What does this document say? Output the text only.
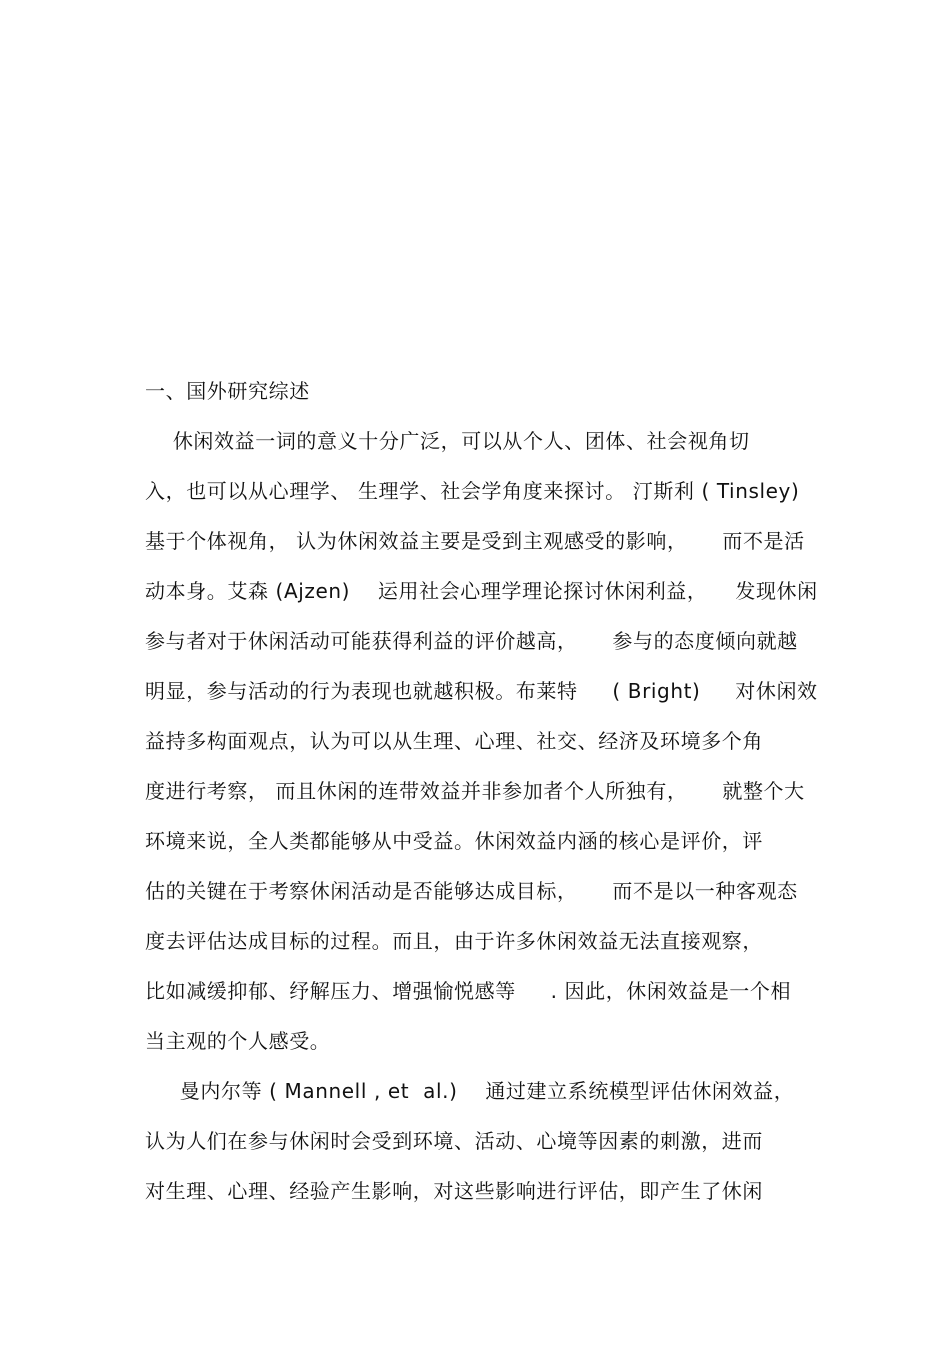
一、国外研究综述
休闲效益一词的意义十分广泛，可以从个人、团体、社会视角切
入，也可以从心理学、 生理学、社会学角度来探讨。 汀斯利 ( Tinsley)
基于个体视角， 认为休闲效益主要是受到主观感受的影响，     而不是活
动本身。艾森 (Ajzen)    运用社会心理学理论探讨休闲利益，    发现休闲
参与者对于休闲活动可能获得利益的评价越高，     参与的态度倾向就越
明显，参与活动的行为表现也就越积极。布莱特     ( Bright)     对休闲效
益持多构面观点，认为可以从生理、心理、社交、经济及环境多个角
度进行考察， 而且休闲的连带效益并非参加者个人所独有，     就整个大
环境来说，全人类都能够从中受益。休闲效益内涵的核心是评价，评
估的关键在于考察休闲活动是否能够达成目标，     而不是以一种客观态
度去评估达成目标的过程。而且，由于许多休闲效益无法直接观察，
比如减缓抑郁、纾解压力、增强愉悦感等     . 因此，休闲效益是一个相
当主观的个人感受。
曼内尔等 ( Mannell , et  al.)    通过建立系统模型评估休闲效益，
认为人们在参与休闲时会受到环境、活动、心境等因素的刺激，进而
对生理、心理、经验产生影响，对这些影响进行评估，即产生了休闲
